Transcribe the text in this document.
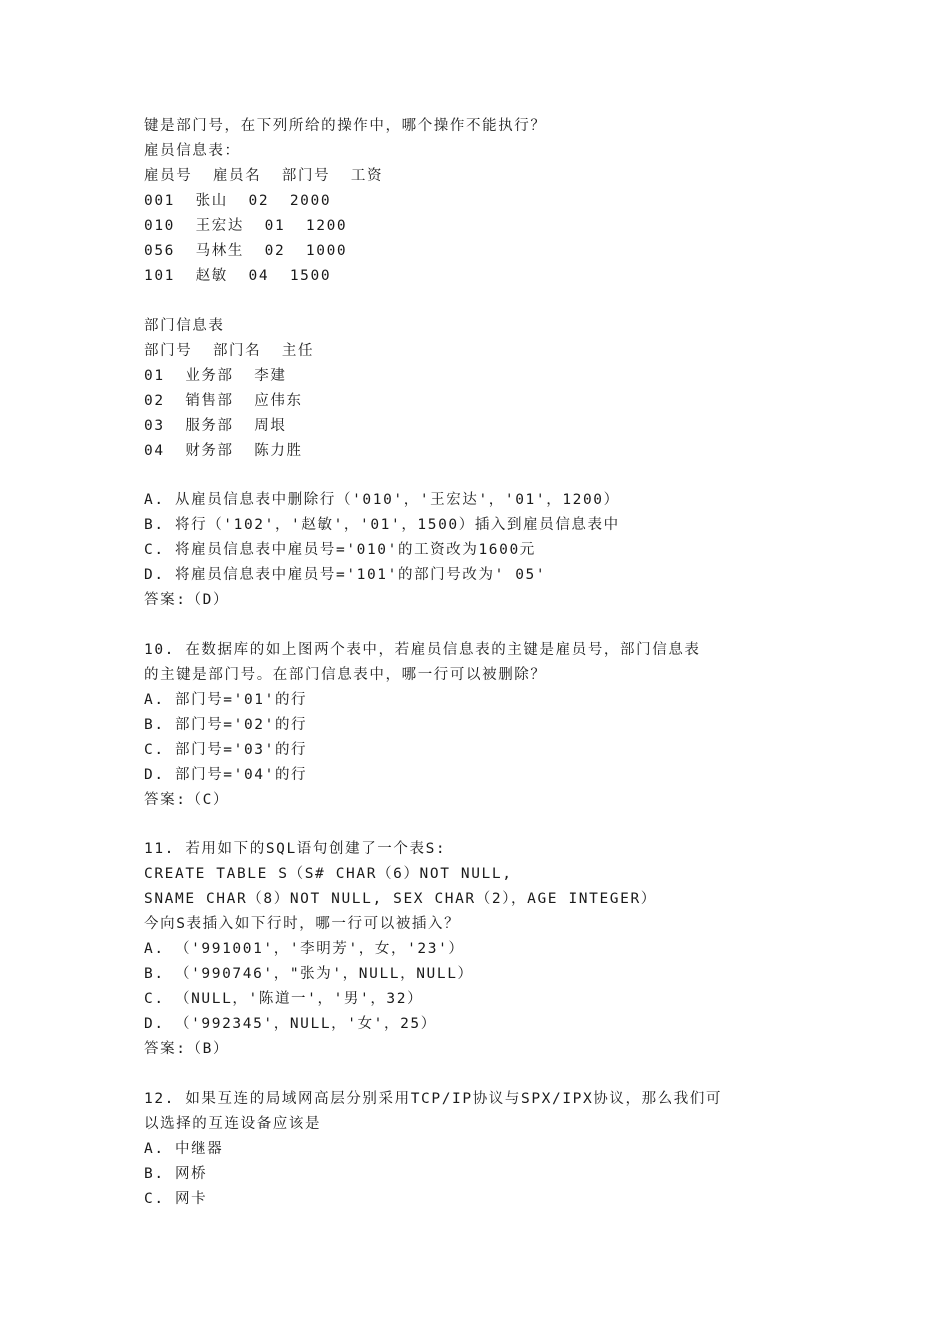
键是部门号，在下列所给的操作中，哪个操作不能执行？
雇员信息表：
雇员号  雇员名  部门号  工资
001  张山  02  2000
010  王宏达  01  1200
056  马林生  02  1000
101  赵敏  04  1500
部门信息表
部门号  部门名  主任
01  业务部  李建
02  销售部  应伟东
03  服务部  周垠
04  财务部  陈力胜
A. 从雇员信息表中删除行（'010'，'王宏达'，'01'，1200）
B. 将行（'102'，'赵敏'，'01'，1500）插入到雇员信息表中
C. 将雇员信息表中雇员号='010'的工资改为1600元
D. 将雇员信息表中雇员号='101'的部门号改为' 05'
答案:（D）
10. 在数据库的如上图两个表中，若雇员信息表的主键是雇员号，部门信息表
的主键是部门号。在部门信息表中，哪一行可以被删除？
A. 部门号='01'的行
B. 部门号='02'的行
C. 部门号='03'的行
D. 部门号='04'的行
答案:（C）
11. 若用如下的SQL语句创建了一个表S:
CREATE TABLE S（S# CHAR（6）NOT NULL,
SNAME CHAR（8）NOT NULL, SEX CHAR（2），AGE INTEGER）
今向S表插入如下行时，哪一行可以被插入？
A. （'991001'，'李明芳'，女，'23'）
B. （'990746'，"张为'，NULL，NULL）
C. （NULL，'陈道一'，'男'，32）
D. （'992345'，NULL，'女'，25）
答案:（B）
12. 如果互连的局域网高层分别采用TCP/IP协议与SPX/IPX协议，那么我们可
以选择的互连设备应该是
A. 中继器
B. 网桥
C. 网卡
